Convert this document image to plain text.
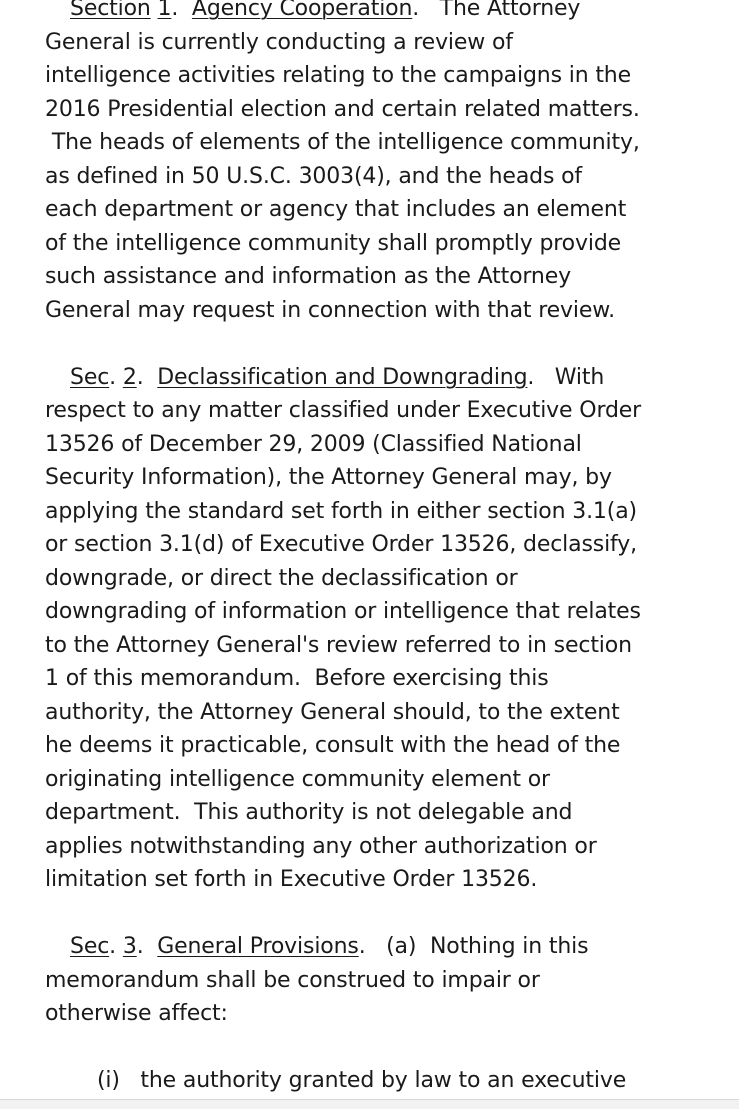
Section 1.  Agency Cooperation.   The Attorney
General is currently conducting a review of
intelligence activities relating to the campaigns in the
2016 Presidential election and certain related matters.
The heads of elements of the intelligence community,
as defined in 50 U.S.C. 3003(4), and the heads of
each department or agency that includes an element
of the intelligence community shall promptly provide
such assistance and information as the Attorney
General may request in connection with that review.
Sec. 2.  Declassification and Downgrading.   With
respect to any matter classified under Executive Order
13526 of December 29, 2009 (Classified National
Security Information), the Attorney General may, by
applying the standard set forth in either section 3.1(a)
or section 3.1(d) of Executive Order 13526, declassify,
downgrade, or direct the declassification or
downgrading of information or intelligence that relates
to the Attorney General's review referred to in section
1 of this memorandum.  Before exercising this
authority, the Attorney General should, to the extent
he deems it practicable, consult with the head of the
originating intelligence community element or
department.  This authority is not delegable and
applies notwithstanding any other authorization or
limitation set forth in Executive Order 13526.
Sec. 3.  General Provisions.   (a)  Nothing in this
memorandum shall be construed to impair or
otherwise affect:
(i) the authority granted by law to an executive
